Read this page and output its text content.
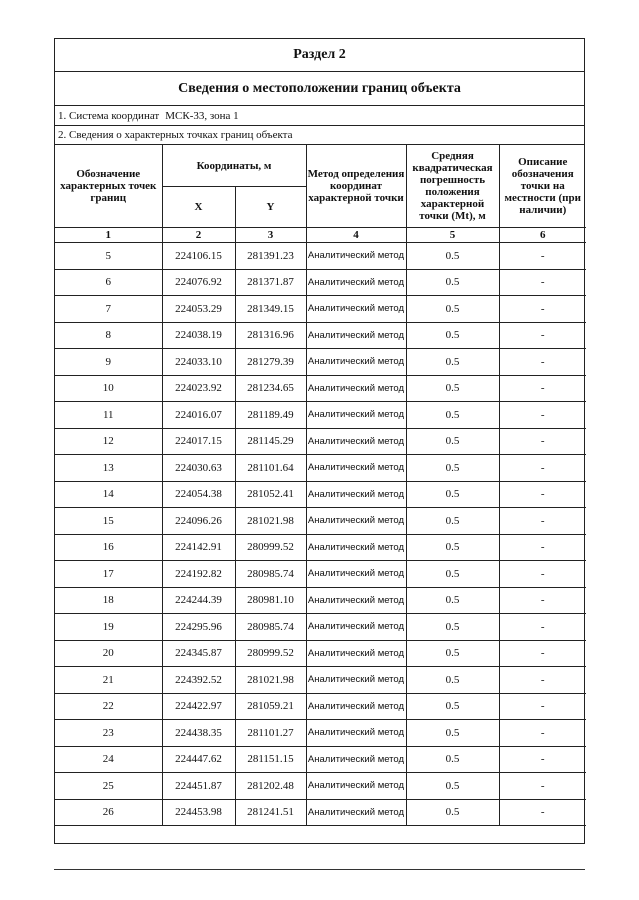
Раздел 2
Сведения о местоположении границ объекта
1. Система координат МСК-33, зона 1
2. Сведения о характерных точках границ объекта
Обозначение характерных точек границ	Координаты, м		Метод определения координат характерной точки	Средняя квадратическая погрешность положения характерной точки (Mt), м	Описание обозначения точки на местности (при наличии)
	X	Y			
1	2	3	4	5	6
5	224106.15	281391.23	Аналитический метод	0.5	-
6	224076.92	281371.87	Аналитический метод	0.5	-
7	224053.29	281349.15	Аналитический метод	0.5	-
8	224038.19	281316.96	Аналитический метод	0.5	-
9	224033.10	281279.39	Аналитический метод	0.5	-
10	224023.92	281234.65	Аналитический метод	0.5	-
11	224016.07	281189.49	Аналитический метод	0.5	-
12	224017.15	281145.29	Аналитический метод	0.5	-
13	224030.63	281101.64	Аналитический метод	0.5	-
14	224054.38	281052.41	Аналитический метод	0.5	-
15	224096.26	281021.98	Аналитический метод	0.5	-
16	224142.91	280999.52	Аналитический метод	0.5	-
17	224192.82	280985.74	Аналитический метод	0.5	-
18	224244.39	280981.10	Аналитический метод	0.5	-
19	224295.96	280985.74	Аналитический метод	0.5	-
20	224345.87	280999.52	Аналитический метод	0.5	-
21	224392.52	281021.98	Аналитический метод	0.5	-
22	224422.97	281059.21	Аналитический метод	0.5	-
23	224438.35	281101.27	Аналитический метод	0.5	-
24	224447.62	281151.15	Аналитический метод	0.5	-
25	224451.87	281202.48	Аналитический метод	0.5	-
26	224453.98	281241.51	Аналитический метод	0.5	-
